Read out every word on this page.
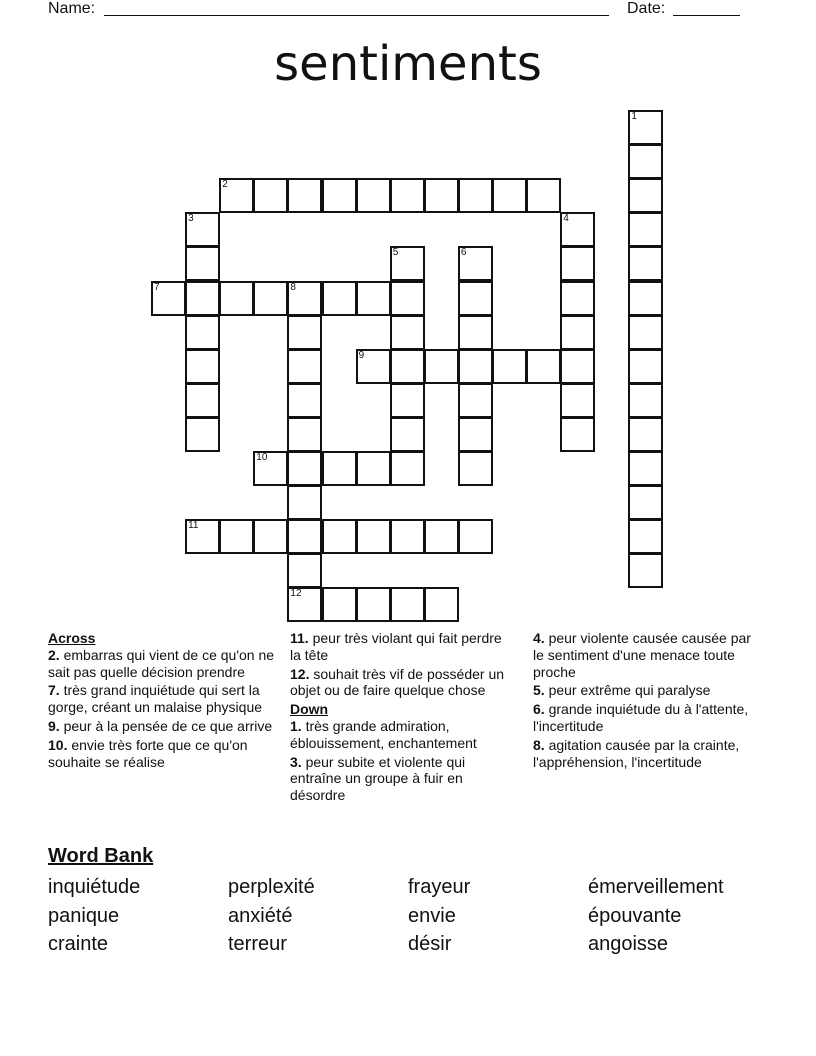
Name:	Date:
sentiments
1
2
3	4
5	6
7	8
12
9
10
11
Across
2. embarras qui vient de ce qu'on ne sait pas quelle décision prendre
7. très grand inquiétude qui sert la gorge, créant un malaise physique
9. peur à la pensée de ce que arrive
10. envie très forte que ce qu'on souhaite se réalise
11. peur très violant qui fait perdre la tête
12. souhait très vif de posséder un objet ou de faire quelque chose
Down
1. très grande admiration, éblouissement, enchantement
3. peur subite et violente qui entraîne un groupe à fuir en désordre
4. peur violente causée causée par le sentiment d'une menace toute proche
5. peur extrême qui paralyse
6. grande inquiétude du à l'attente, l'incertitude
8. agitation causée par la crainte, l'appréhension, l'incertitude
Word Bank
inquiétude	perplexité	frayeur	émerveillement
panique	anxiété	envie	épouvante
crainte	terreur	désir	angoisse
